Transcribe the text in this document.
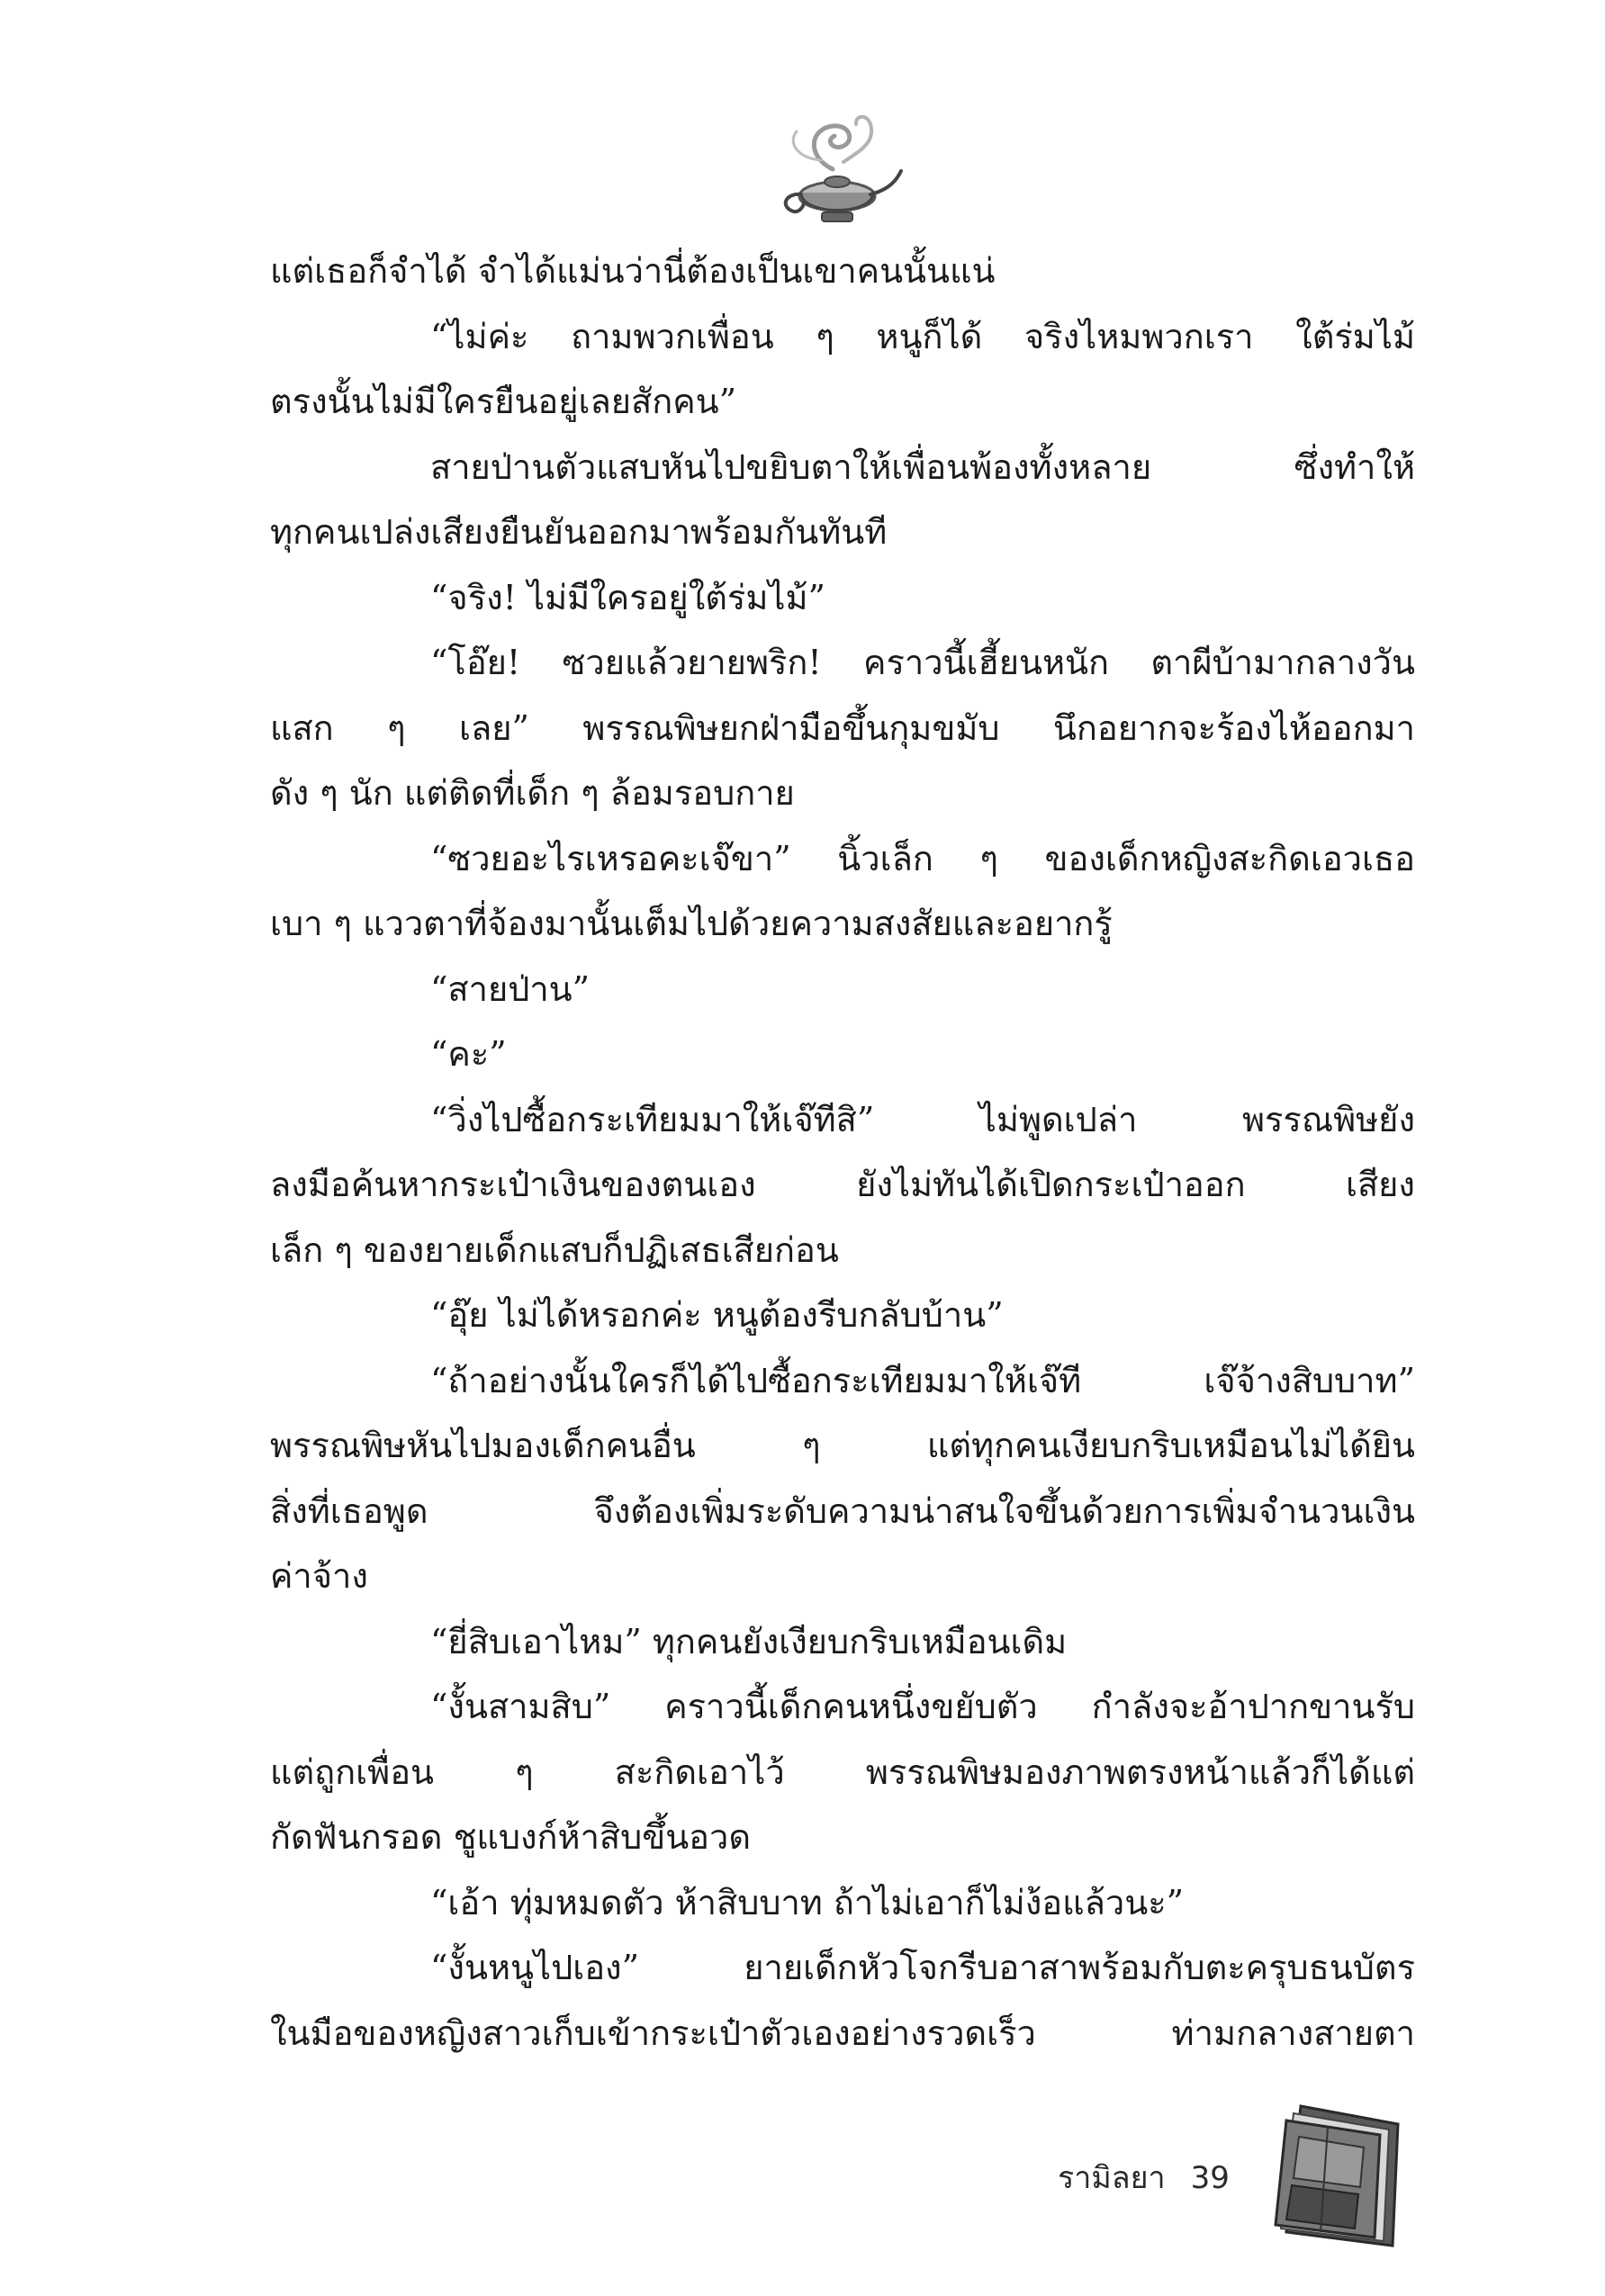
แต่เธอก็จำได้ จำได้แม่นว่านี่ต้องเป็นเขาคนนั้นแน่
“ไม่ค่ะ ถามพวกเพื่อน ๆ หนูก็ได้ จริงไหมพวกเรา ใต้ร่มไม้
ตรงนั้นไม่มีใครยืนอยู่เลยสักคน”
สายป่านตัวแสบหันไปขยิบตาให้เพื่อนพ้องทั้งหลาย ซึ่งทำให้
ทุกคนเปล่งเสียงยืนยันออกมาพร้อมกันทันที
“จริง! ไม่มีใครอยู่ใต้ร่มไม้”
“โอ๊ย! ซวยแล้วยายพริก! คราวนี้เฮี้ยนหนัก ตาผีบ้ามากลางวัน
แสก ๆ เลย” พรรณพิษยกฝ่ามือขึ้นกุมขมับ นึกอยากจะร้องไห้ออกมา
ดัง ๆ นัก แต่ติดที่เด็ก ๆ ล้อมรอบกาย
“ซวยอะไรเหรอคะเจ๊ขา” นิ้วเล็ก ๆ ของเด็กหญิงสะกิดเอวเธอ
เบา ๆ แววตาที่จ้องมานั้นเต็มไปด้วยความสงสัยและอยากรู้
“สายป่าน”
“คะ”
“วิ่งไปซื้อกระเทียมมาให้เจ๊ทีสิ” ไม่พูดเปล่า พรรณพิษยัง
ลงมือค้นหากระเป๋าเงินของตนเอง ยังไม่ทันได้เปิดกระเป๋าออก เสียง
เล็ก ๆ ของยายเด็กแสบก็ปฏิเสธเสียก่อน
“อุ๊ย ไม่ได้หรอกค่ะ หนูต้องรีบกลับบ้าน”
“ถ้าอย่างนั้นใครก็ได้ไปซื้อกระเทียมมาให้เจ๊ที เจ๊จ้างสิบบาท”
พรรณพิษหันไปมองเด็กคนอื่น ๆ แต่ทุกคนเงียบกริบเหมือนไม่ได้ยิน
สิ่งที่เธอพูด จึงต้องเพิ่มระดับความน่าสนใจขึ้นด้วยการเพิ่มจำนวนเงิน
ค่าจ้าง
“ยี่สิบเอาไหม” ทุกคนยังเงียบกริบเหมือนเดิม
“งั้นสามสิบ” คราวนี้เด็กคนหนึ่งขยับตัว กำลังจะอ้าปากขานรับ
แต่ถูกเพื่อน ๆ สะกิดเอาไว้ พรรณพิษมองภาพตรงหน้าแล้วก็ได้แต่
กัดฟันกรอด ชูแบงก์ห้าสิบขึ้นอวด
“เอ้า ทุ่มหมดตัว ห้าสิบบาท ถ้าไม่เอาก็ไม่ง้อแล้วนะ”
“งั้นหนูไปเอง” ยายเด็กหัวโจกรีบอาสาพร้อมกับตะครุบธนบัตร
ในมือของหญิงสาวเก็บเข้ากระเป๋าตัวเองอย่างรวดเร็ว ท่ามกลางสายตา
รามิลยา 39
